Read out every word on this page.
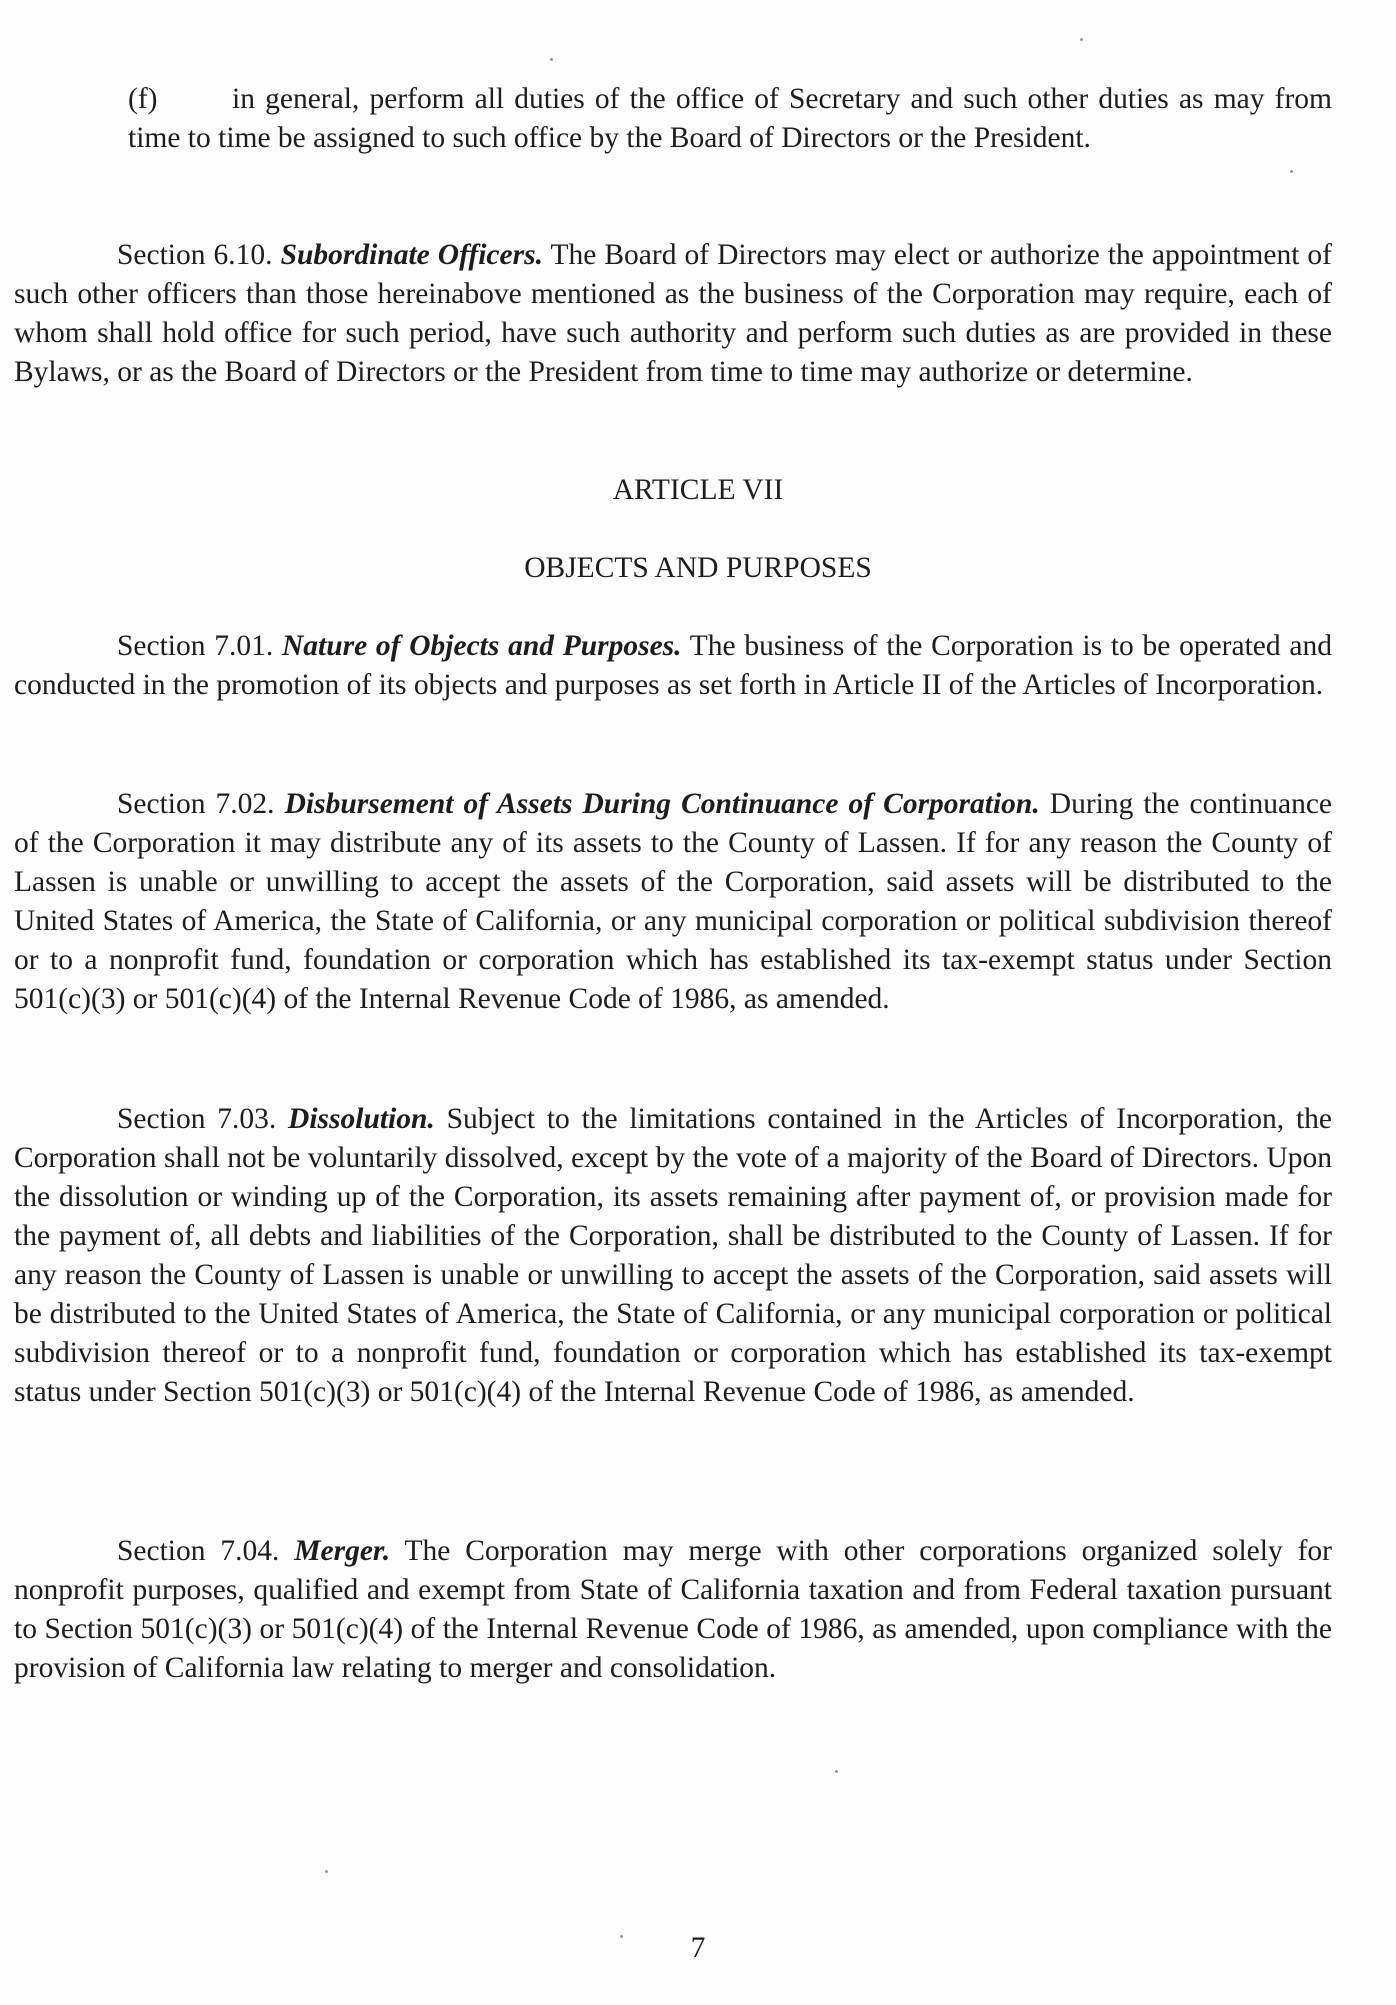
(f)	in general, perform all duties of the office of Secretary and such other duties as may from time to time be assigned to such office by the Board of Directors or the President.

Section 6.10. Subordinate Officers. The Board of Directors may elect or authorize the appointment of such other officers than those hereinabove mentioned as the business of the Corporation may require, each of whom shall hold office for such period, have such authority and perform such duties as are provided in these Bylaws, or as the Board of Directors or the President from time to time may authorize or determine.

ARTICLE VII

OBJECTS AND PURPOSES

Section 7.01. Nature of Objects and Purposes. The business of the Corporation is to be operated and conducted in the promotion of its objects and purposes as set forth in Article II of the Articles of Incorporation.

Section 7.02. Disbursement of Assets During Continuance of Corporation. During the continuance of the Corporation it may distribute any of its assets to the County of Lassen. If for any reason the County of Lassen is unable or unwilling to accept the assets of the Corporation, said assets will be distributed to the United States of America, the State of California, or any municipal corporation or political subdivision thereof or to a nonprofit fund, foundation or corporation which has established its tax-exempt status under Section 501(c)(3) or 501(c)(4) of the Internal Revenue Code of 1986, as amended.

Section 7.03. Dissolution. Subject to the limitations contained in the Articles of Incorporation, the Corporation shall not be voluntarily dissolved, except by the vote of a majority of the Board of Directors. Upon the dissolution or winding up of the Corporation, its assets remaining after payment of, or provision made for the payment of, all debts and liabilities of the Corporation, shall be distributed to the County of Lassen. If for any reason the County of Lassen is unable or unwilling to accept the assets of the Corporation, said assets will be distributed to the United States of America, the State of California, or any municipal corporation or political subdivision thereof or to a nonprofit fund, foundation or corporation which has established its tax-exempt status under Section 501(c)(3) or 501(c)(4) of the Internal Revenue Code of 1986, as amended.

Section 7.04. Merger. The Corporation may merge with other corporations organized solely for nonprofit purposes, qualified and exempt from State of California taxation and from Federal taxation pursuant to Section 501(c)(3) or 501(c)(4) of the Internal Revenue Code of 1986, as amended, upon compliance with the provision of California law relating to merger and consolidation.

7
